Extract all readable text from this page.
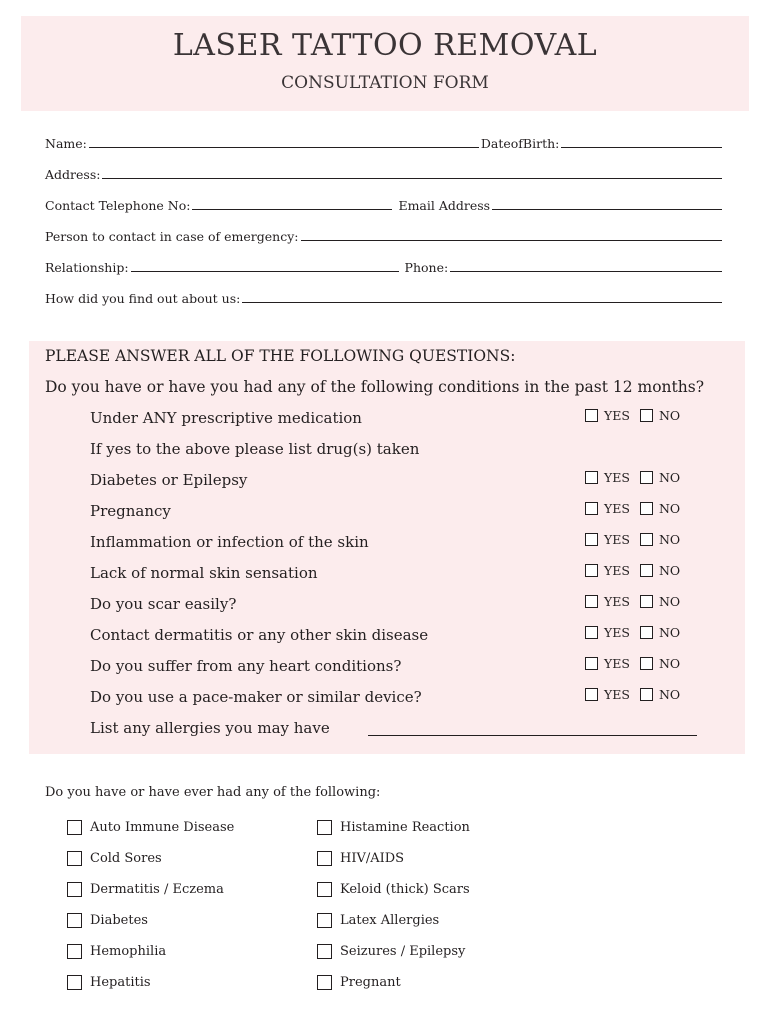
LASER TATTOO REMOVAL
CONSULTATION FORM
Name:	DateofBirth:
Address:
Contact Telephone No:	Email Address
Person to contact in case of emergency:
Relationship:	Phone:
How did you find out about us:
PLEASE ANSWER ALL OF THE FOLLOWING QUESTIONS:
Do you have or have you had any of the following conditions in the past 12 months?
Under ANY prescriptive medication	YES NO
If yes to the above please list drug(s) taken
Diabetes or Epilepsy	YES NO
Pregnancy	YES NO
Inflammation or infection of the skin	YES NO
Lack of normal skin sensation	YES NO
Do you scar easily?	YES NO
Contact dermatitis or any other skin disease	YES NO
Do you suffer from any heart conditions?	YES NO
Do you use a pace-maker or similar device?	YES NO
List any allergies you may have
Do you have or have ever had any of the following:
Auto Immune Disease
Cold Sores
Dermatitis / Eczema
Diabetes
Hemophilia
Hepatitis
Histamine Reaction
HIV/AIDS
Keloid (thick) Scars
Latex Allergies
Seizures / Epilepsy
Pregnant
